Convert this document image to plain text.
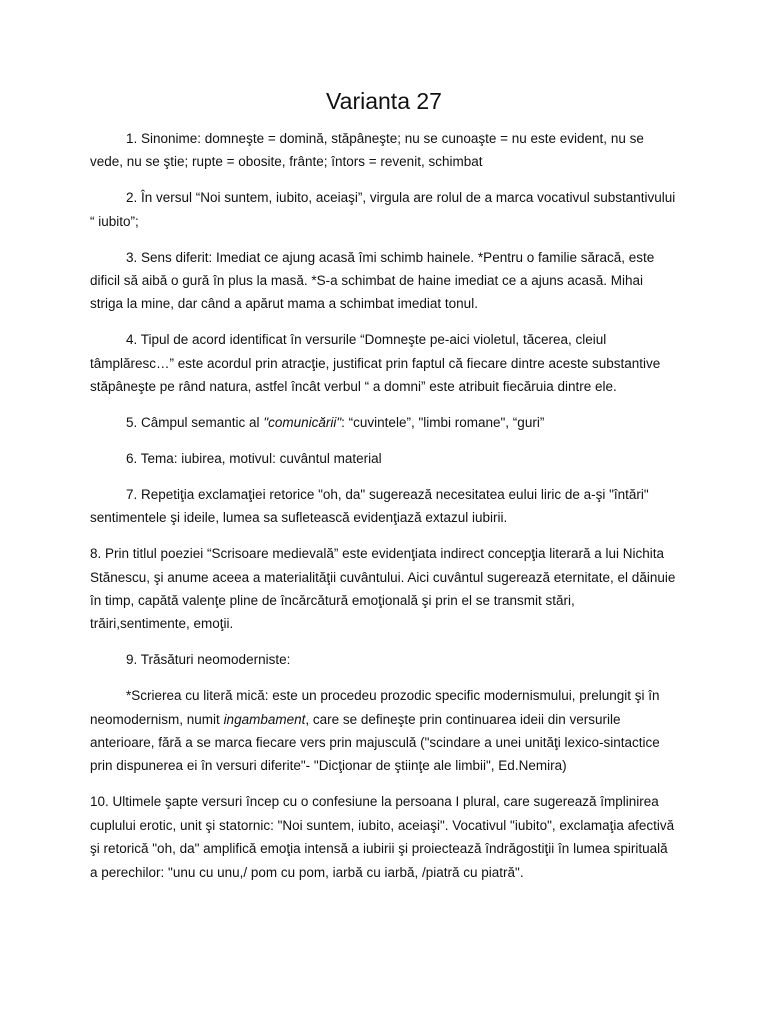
Varianta 27

1. Sinonime: domneşte = domină, stăpâneşte; nu se cunoaşte = nu este evident, nu se vede, nu se ştie; rupte = obosite, frânte; întors = revenit, schimbat

2. În versul “Noi suntem, iubito, aceiaşi”, virgula are rolul de a marca vocativul substantivului “ iubito”;

3. Sens diferit: Imediat ce ajung acasă îmi schimb hainele. *Pentru o familie săracă, este dificil să aibă o gură în plus la masă. *S-a schimbat de haine imediat ce a ajuns acasă. Mihai striga la mine, dar când a apărut mama a schimbat imediat tonul.

4. Tipul de acord identificat în versurile “Domneşte pe-aici violetul, tăcerea, cleiul tâmplăresc…” este acordul prin atracţie, justificat prin faptul că fiecare dintre aceste substantive stăpâneşte pe rând natura, astfel încât verbul “ a domni” este atribuit fiecăruia dintre ele.

5. Câmpul semantic al "comunicării": “cuvintele”, "limbi romane", “guri”

6. Tema: iubirea, motivul: cuvântul material

7. Repetiţia exclamaţiei retorice "oh, da" sugerează necesitatea eului liric de a-şi "întări" sentimentele şi ideile, lumea sa sufletească evidenţiază extazul iubirii.

8. Prin titlul poeziei “Scrisoare medievală” este evidenţiata indirect concepţia literară a lui Nichita Stănescu, şi anume aceea a materialităţii cuvântului. Aici cuvântul sugerează eternitate, el dăinuie în timp, capătă valenţe pline de încărcătură emoţională şi prin el se transmit stări, trăiri,sentimente, emoţii.

9. Trăsături neomoderniste:

*Scrierea cu literă mică: este un procedeu prozodic specific modernismului, prelungit şi în neomodernism, numit ingambament, care se defineşte prin continuarea ideii din versurile anterioare, fără a se marca fiecare vers prin majusculă ("scindare a unei unităţi lexico-sintactice prin dispunerea ei în versuri diferite"- "Dicţionar de ştiinţe ale limbii", Ed.Nemira)

10. Ultimele şapte versuri încep cu o confesiune la persoana I plural, care sugerează împlinirea cuplului erotic, unit şi statornic: "Noi suntem, iubito, aceiaşi". Vocativul "iubito", exclamaţia afectivă şi retorică "oh, da" amplifică emoţia intensă a iubirii şi proiectează îndrăgostiţii în lumea spirituală a perechilor: "unu cu unu,/ pom cu pom, iarbă cu iarbă, /piatră cu piatră".
